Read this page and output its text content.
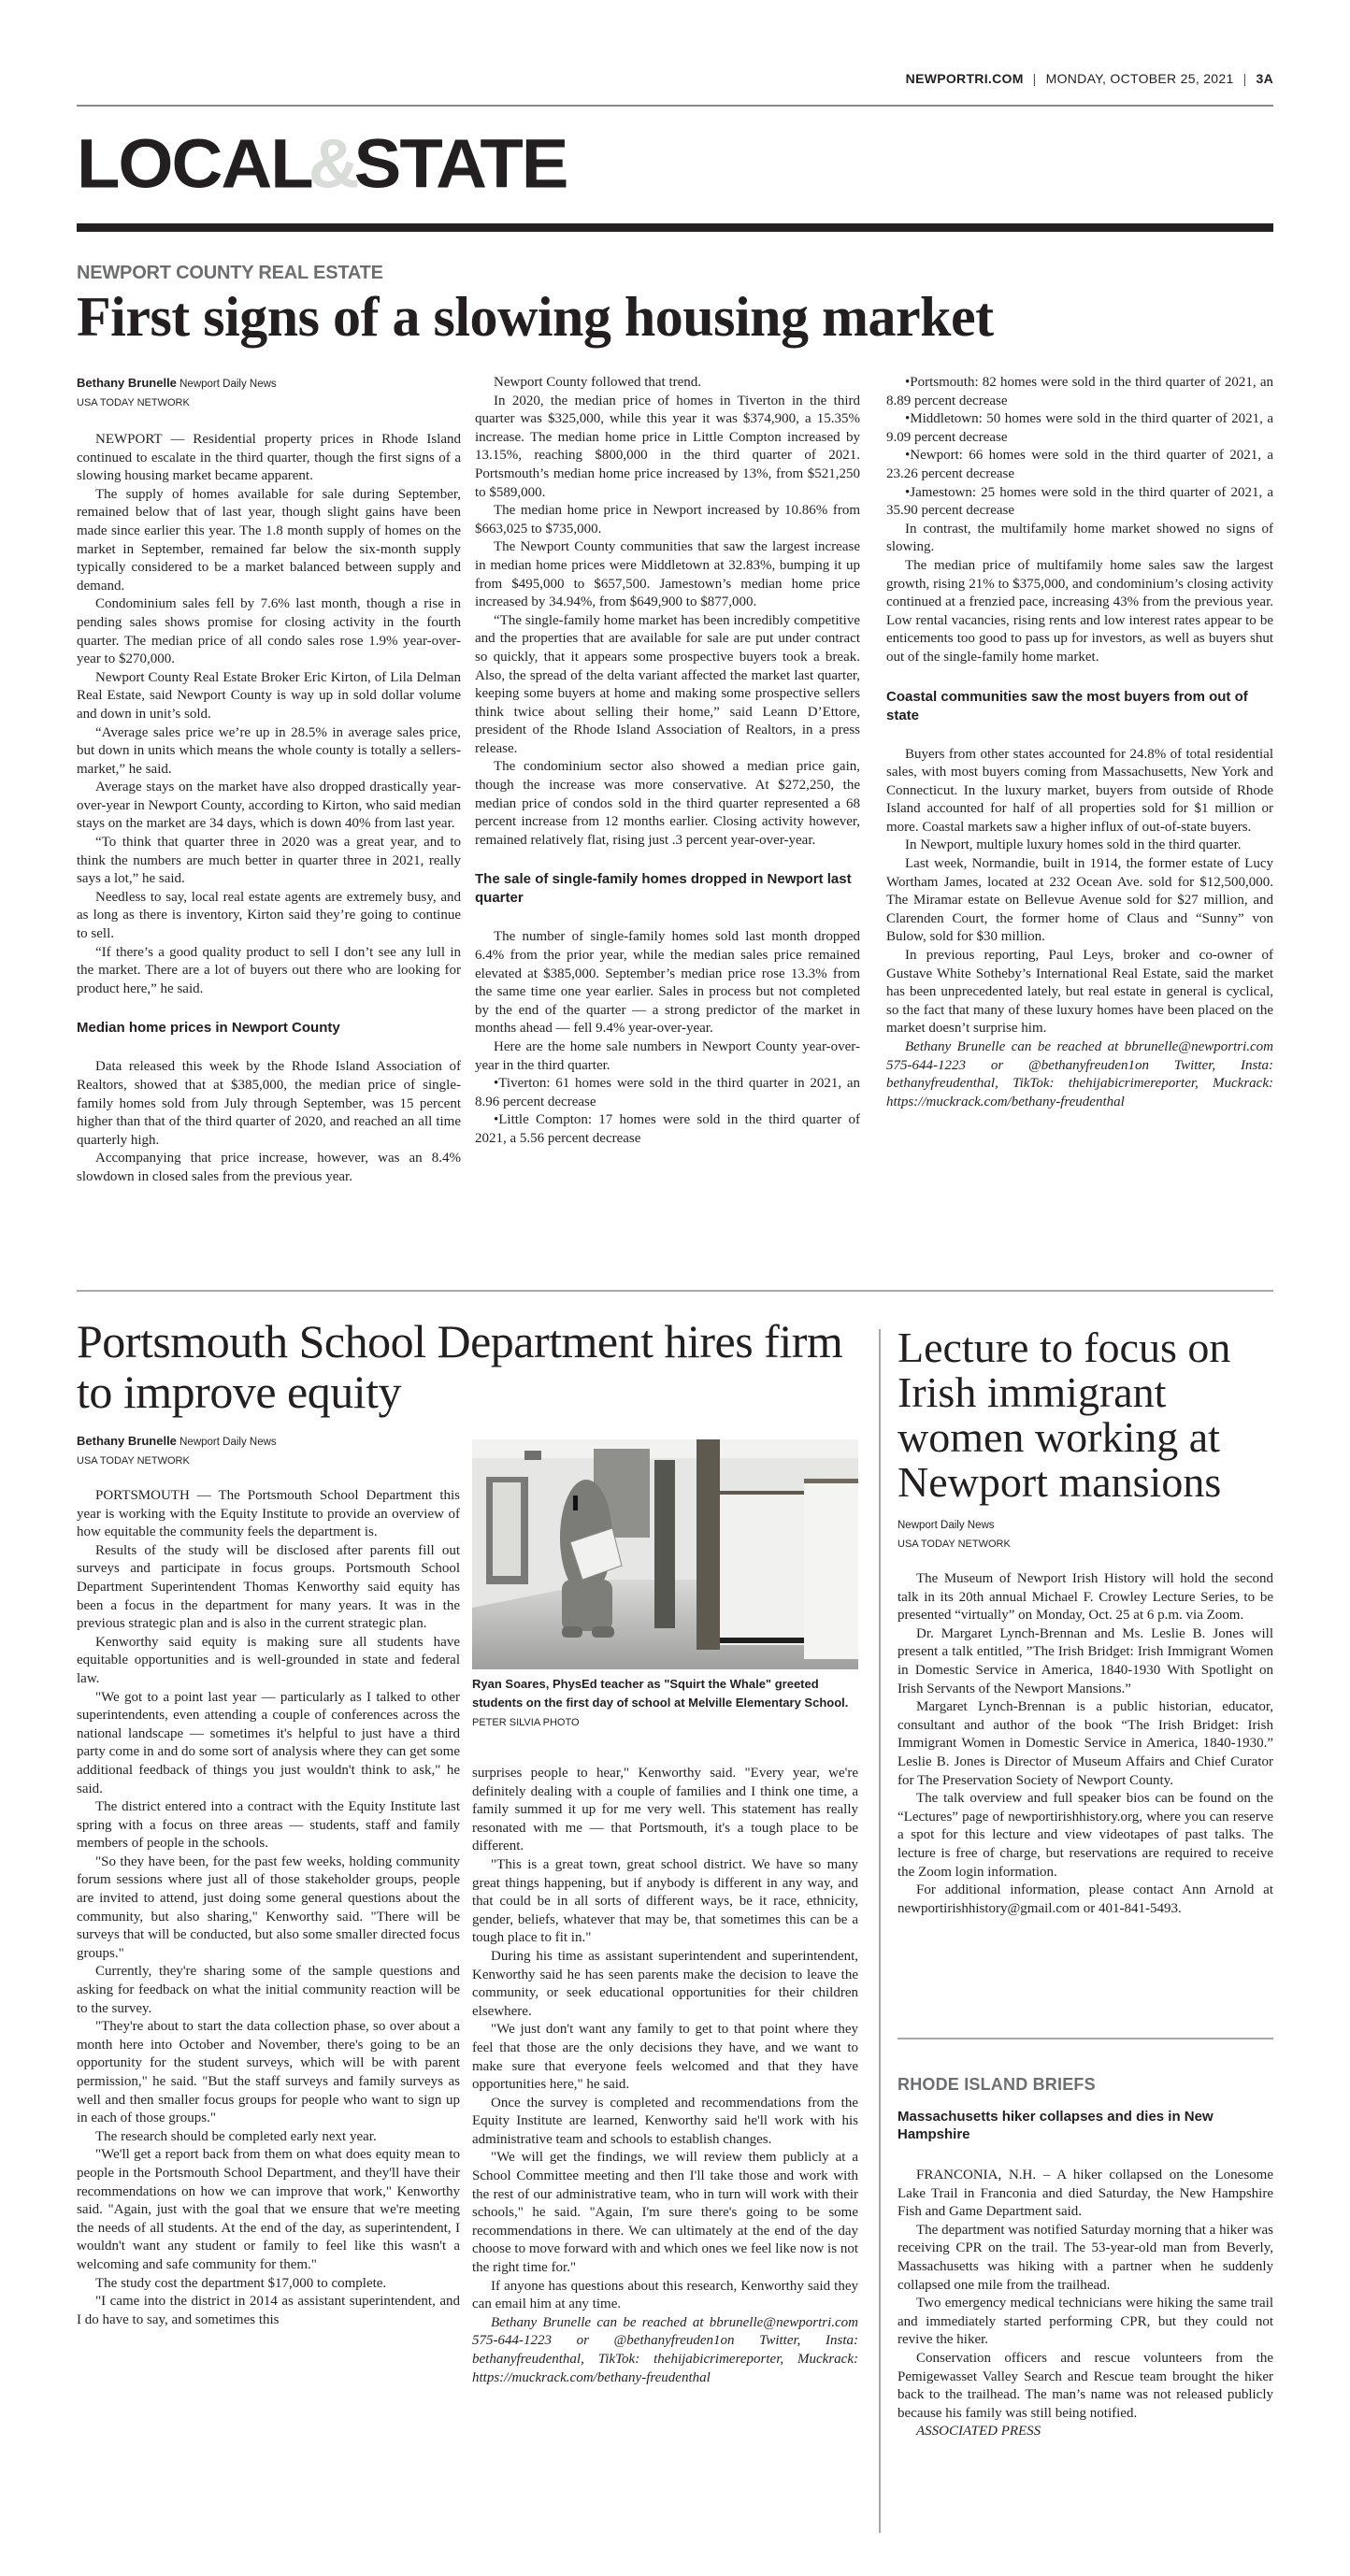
NEWPORTRI.COM | MONDAY, OCTOBER 25, 2021 | 3A
LOCAL&STATE
NEWPORT COUNTY REAL ESTATE
First signs of a slowing housing market
Bethany Brunelle Newport Daily News
USA TODAY NETWORK

NEWPORT — Residential property prices in Rhode Island continued to escalate in the third quarter, though the first signs of a slowing housing market became apparent.

The supply of homes available for sale during September, remained below that of last year, though slight gains have been made since earlier this year. The 1.8 month supply of homes on the market in September, remained far below the six-month supply typically considered to be a market balanced between supply and demand.

Condominium sales fell by 7.6% last month, though a rise in pending sales shows promise for closing activity in the fourth quarter. The median price of all condo sales rose 1.9% year-over-year to $270,000.

Newport County Real Estate Broker Eric Kirton, of Lila Delman Real Estate, said Newport County is way up in sold dollar volume and down in unit’s sold.

“Average sales price we’re up in 28.5% in average sales price, but down in units which means the whole county is totally a sellers-market,” he said.

Average stays on the market have also dropped drastically year-over-year in Newport County, according to Kirton, who said median stays on the market are 34 days, which is down 40% from last year.

“To think that quarter three in 2020 was a great year, and to think the numbers are much better in quarter three in 2021, really says a lot,” he said.

Needless to say, local real estate agents are extremely busy, and as long as there is inventory, Kirton said they’re going to continue to sell.

“If there’s a good quality product to sell I don’t see any lull in the market. There are a lot of buyers out there who are looking for product here,” he said.

Median home prices in Newport County

Data released this week by the Rhode Island Association of Realtors, showed that at $385,000, the median price of single-family homes sold from July through September, was 15 percent higher than that of the third quarter of 2020, and reached an all time quarterly high.

Accompanying that price increase, however, was an 8.4% slowdown in closed sales from the previous year.

Newport County followed that trend.

In 2020, the median price of homes in Tiverton in the third quarter was $325,000, while this year it was $374,900, a 15.35% increase. The median home price in Little Compton increased by 13.15%, reaching $800,000 in the third quarter of 2021. Portsmouth’s median home price increased by 13%, from $521,250 to $589,000.

The median home price in Newport increased by 10.86% from $663,025 to $735,000.

The Newport County communities that saw the largest increase in median home prices were Middletown at 32.83%, bumping it up from $495,000 to $657,500. Jamestown’s median home price increased by 34.94%, from $649,900 to $877,000.

“The single-family home market has been incredibly competitive and the properties that are available for sale are put under contract so quickly, that it appears some prospective buyers took a break. Also, the spread of the delta variant affected the market last quarter, keeping some buyers at home and making some prospective sellers think twice about selling their home,” said Leann D’Ettore, president of the Rhode Island Association of Realtors, in a press release.

The condominium sector also showed a median price gain, though the increase was more conservative. At $272,250, the median price of condos sold in the third quarter represented a 68 percent increase from 12 months earlier. Closing activity however, remained relatively flat, rising just .3 percent year-over-year.

The sale of single-family homes dropped in Newport last quarter

The number of single-family homes sold last month dropped 6.4% from the prior year, while the median sales price remained elevated at $385,000. September’s median price rose 13.3% from the same time one year earlier. Sales in process but not completed by the end of the quarter — a strong predictor of the market in months ahead — fell 9.4% year-over-year.

Here are the home sale numbers in Newport County year-over-year in the third quarter.

• Tiverton: 61 homes were sold in the third quarter in 2021, an 8.96 percent decrease

• Little Compton: 17 homes were sold in the third quarter of 2021, a 5.56 percent decrease

• Portsmouth: 82 homes were sold in the third quarter of 2021, an 8.89 percent decrease

• Middletown: 50 homes were sold in the third quarter of 2021, a 9.09 percent decrease

• Newport: 66 homes were sold in the third quarter of 2021, a 23.26 percent decrease

• Jamestown: 25 homes were sold in the third quarter of 2021, a 35.90 percent decrease

In contrast, the multifamily home market showed no signs of slowing.

The median price of multifamily home sales saw the largest growth, rising 21% to $375,000, and condominium’s closing activity continued at a frenzied pace, increasing 43% from the previous year. Low rental vacancies, rising rents and low interest rates appear to be enticements too good to pass up for investors, as well as buyers shut out of the single-family home market.

Coastal communities saw the most buyers from out of state

Buyers from other states accounted for 24.8% of total residential sales, with most buyers coming from Massachusetts, New York and Connecticut. In the luxury market, buyers from outside of Rhode Island accounted for half of all properties sold for $1 million or more. Coastal markets saw a higher influx of out-of-state buyers.

In Newport, multiple luxury homes sold in the third quarter.

Last week, Normandie, built in 1914, the former estate of Lucy Wortham James, located at 232 Ocean Ave. sold for $12,500,000. The Miramar estate on Bellevue Avenue sold for $27 million, and Clarenden Court, the former home of Claus and “Sunny” von Bulow, sold for $30 million.

In previous reporting, Paul Leys, broker and co-owner of Gustave White Sotheby’s International Real Estate, said the market has been unprecedented lately, but real estate in general is cyclical, so the fact that many of these luxury homes have been placed on the market doesn’t surprise him.

Bethany Brunelle can be reached at bbrunelle@newportri.com 575-644-1223 or @bethanyfreuden1on Twitter, Insta: bethanyfreudenthal, TikTok: thehijabicrimereporter, Muckrack: https://muckrack.com/bethany-freudenthal

Portsmouth School Department hires firm to improve equity
Bethany Brunelle Newport Daily News
USA TODAY NETWORK

PORTSMOUTH — The Portsmouth School Department this year is working with the Equity Institute to provide an overview of how equitable the community feels the department is.

Results of the study will be disclosed after parents fill out surveys and participate in focus groups. Portsmouth School Department Superintendent Thomas Kenworthy said equity has been a focus in the department for many years. It was in the previous strategic plan and is also in the current strategic plan.

Kenworthy said equity is making sure all students have equitable opportunities and is well-grounded in state and federal law.

"We got to a point last year — particularly as I talked to other superintendents, even attending a couple of conferences across the national landscape — sometimes it's helpful to just have a third party come in and do some sort of analysis where they can get some additional feedback of things you just wouldn't think to ask," he said.

The district entered into a contract with the Equity Institute last spring with a focus on three areas — students, staff and family members of people in the schools.

"So they have been, for the past few weeks, holding community forum sessions where just all of those stakeholder groups, people are invited to attend, just doing some general questions about the community, but also sharing," Kenworthy said. "There will be surveys that will be conducted, but also some smaller directed focus groups."

Currently, they're sharing some of the sample questions and asking for feedback on what the initial community reaction will be to the survey.

"They're about to start the data collection phase, so over about a month here into October and November, there's going to be an opportunity for the student surveys, which will be with parent permission," he said. "But the staff surveys and family surveys as well and then smaller focus groups for people who want to sign up in each of those groups."

The research should be completed early next year.

"We'll get a report back from them on what does equity mean to people in the Portsmouth School Department, and they'll have their recommendations on how we can improve that work," Kenworthy said. "Again, just with the goal that we ensure that we're meeting the needs of all students. At the end of the day, as superintendent, I wouldn't want any student or family to feel like this wasn't a welcoming and safe community for them."

The study cost the department $17,000 to complete.

"I came into the district in 2014 as assistant superintendent, and I do have to say, and sometimes this

Ryan Soares, PhysEd teacher as "Squirt the Whale" greeted students on the first day of school at Melville Elementary School. PETER SILVIA PHOTO

surprises people to hear," Kenworthy said. "Every year, we're definitely dealing with a couple of families and I think one time, a family summed it up for me very well. This statement has really resonated with me — that Portsmouth, it's a tough place to be different.

"This is a great town, great school district. We have so many great things happening, but if anybody is different in any way, and that could be in all sorts of different ways, be it race, ethnicity, gender, beliefs, whatever that may be, that sometimes this can be a tough place to fit in."

During his time as assistant superintendent and superintendent, Kenworthy said he has seen parents make the decision to leave the community, or seek educational opportunities for their children elsewhere.

"We just don't want any family to get to that point where they feel that those are the only decisions they have, and we want to make sure that everyone feels welcomed and that they have opportunities here," he said.

Once the survey is completed and recommendations from the Equity Institute are learned, Kenworthy said he'll work with his administrative team and schools to establish changes.

"We will get the findings, we will review them publicly at a School Committee meeting and then I'll take those and work with the rest of our administrative team, who in turn will work with their schools," he said. "Again, I'm sure there's going to be some recommendations in there. We can ultimately at the end of the day choose to move forward with and which ones we feel like now is not the right time for."

If anyone has questions about this research, Kenworthy said they can email him at any time.

Bethany Brunelle can be reached at bbrunelle@newportri.com 575-644-1223 or @bethanyfreuden1on Twitter, Insta: bethanyfreudenthal, TikTok: thehijabicrimereporter, Muckrack: https://muckrack.com/bethany-freudenthal

Lecture to focus on Irish immigrant women working at Newport mansions
Newport Daily News
USA TODAY NETWORK

The Museum of Newport Irish History will hold the second talk in its 20th annual Michael F. Crowley Lecture Series, to be presented “virtually” on Monday, Oct. 25 at 6 p.m. via Zoom.

Dr. Margaret Lynch-Brennan and Ms. Leslie B. Jones will present a talk entitled, ”The Irish Bridget: Irish Immigrant Women in Domestic Service in America, 1840-1930 With Spotlight on Irish Servants of the Newport Mansions.”

Margaret Lynch-Brennan is a public historian, educator, consultant and author of the book “The Irish Bridget: Irish Immigrant Women in Domestic Service in America, 1840-1930.” Leslie B. Jones is Director of Museum Affairs and Chief Curator for The Preservation Society of Newport County.

The talk overview and full speaker bios can be found on the “Lectures” page of newportirishhistory.org, where you can reserve a spot for this lecture and view videotapes of past talks. The lecture is free of charge, but reservations are required to receive the Zoom login information.

For additional information, please contact Ann Arnold at newportirishhistory@gmail.com or 401-841-5493.

RHODE ISLAND BRIEFS
Massachusetts hiker collapses and dies in New Hampshire

FRANCONIA, N.H. – A hiker collapsed on the Lonesome Lake Trail in Franconia and died Saturday, the New Hampshire Fish and Game Department said.

The department was notified Saturday morning that a hiker was receiving CPR on the trail. The 53-year-old man from Beverly, Massachusetts was hiking with a partner when he suddenly collapsed one mile from the trailhead.

Two emergency medical technicians were hiking the same trail and immediately started performing CPR, but they could not revive the hiker.

Conservation officers and rescue volunteers from the Pemigewasset Valley Search and Rescue team brought the hiker back to the trailhead. The man’s name was not released publicly because his family was still being notified.

ASSOCIATED PRESS
